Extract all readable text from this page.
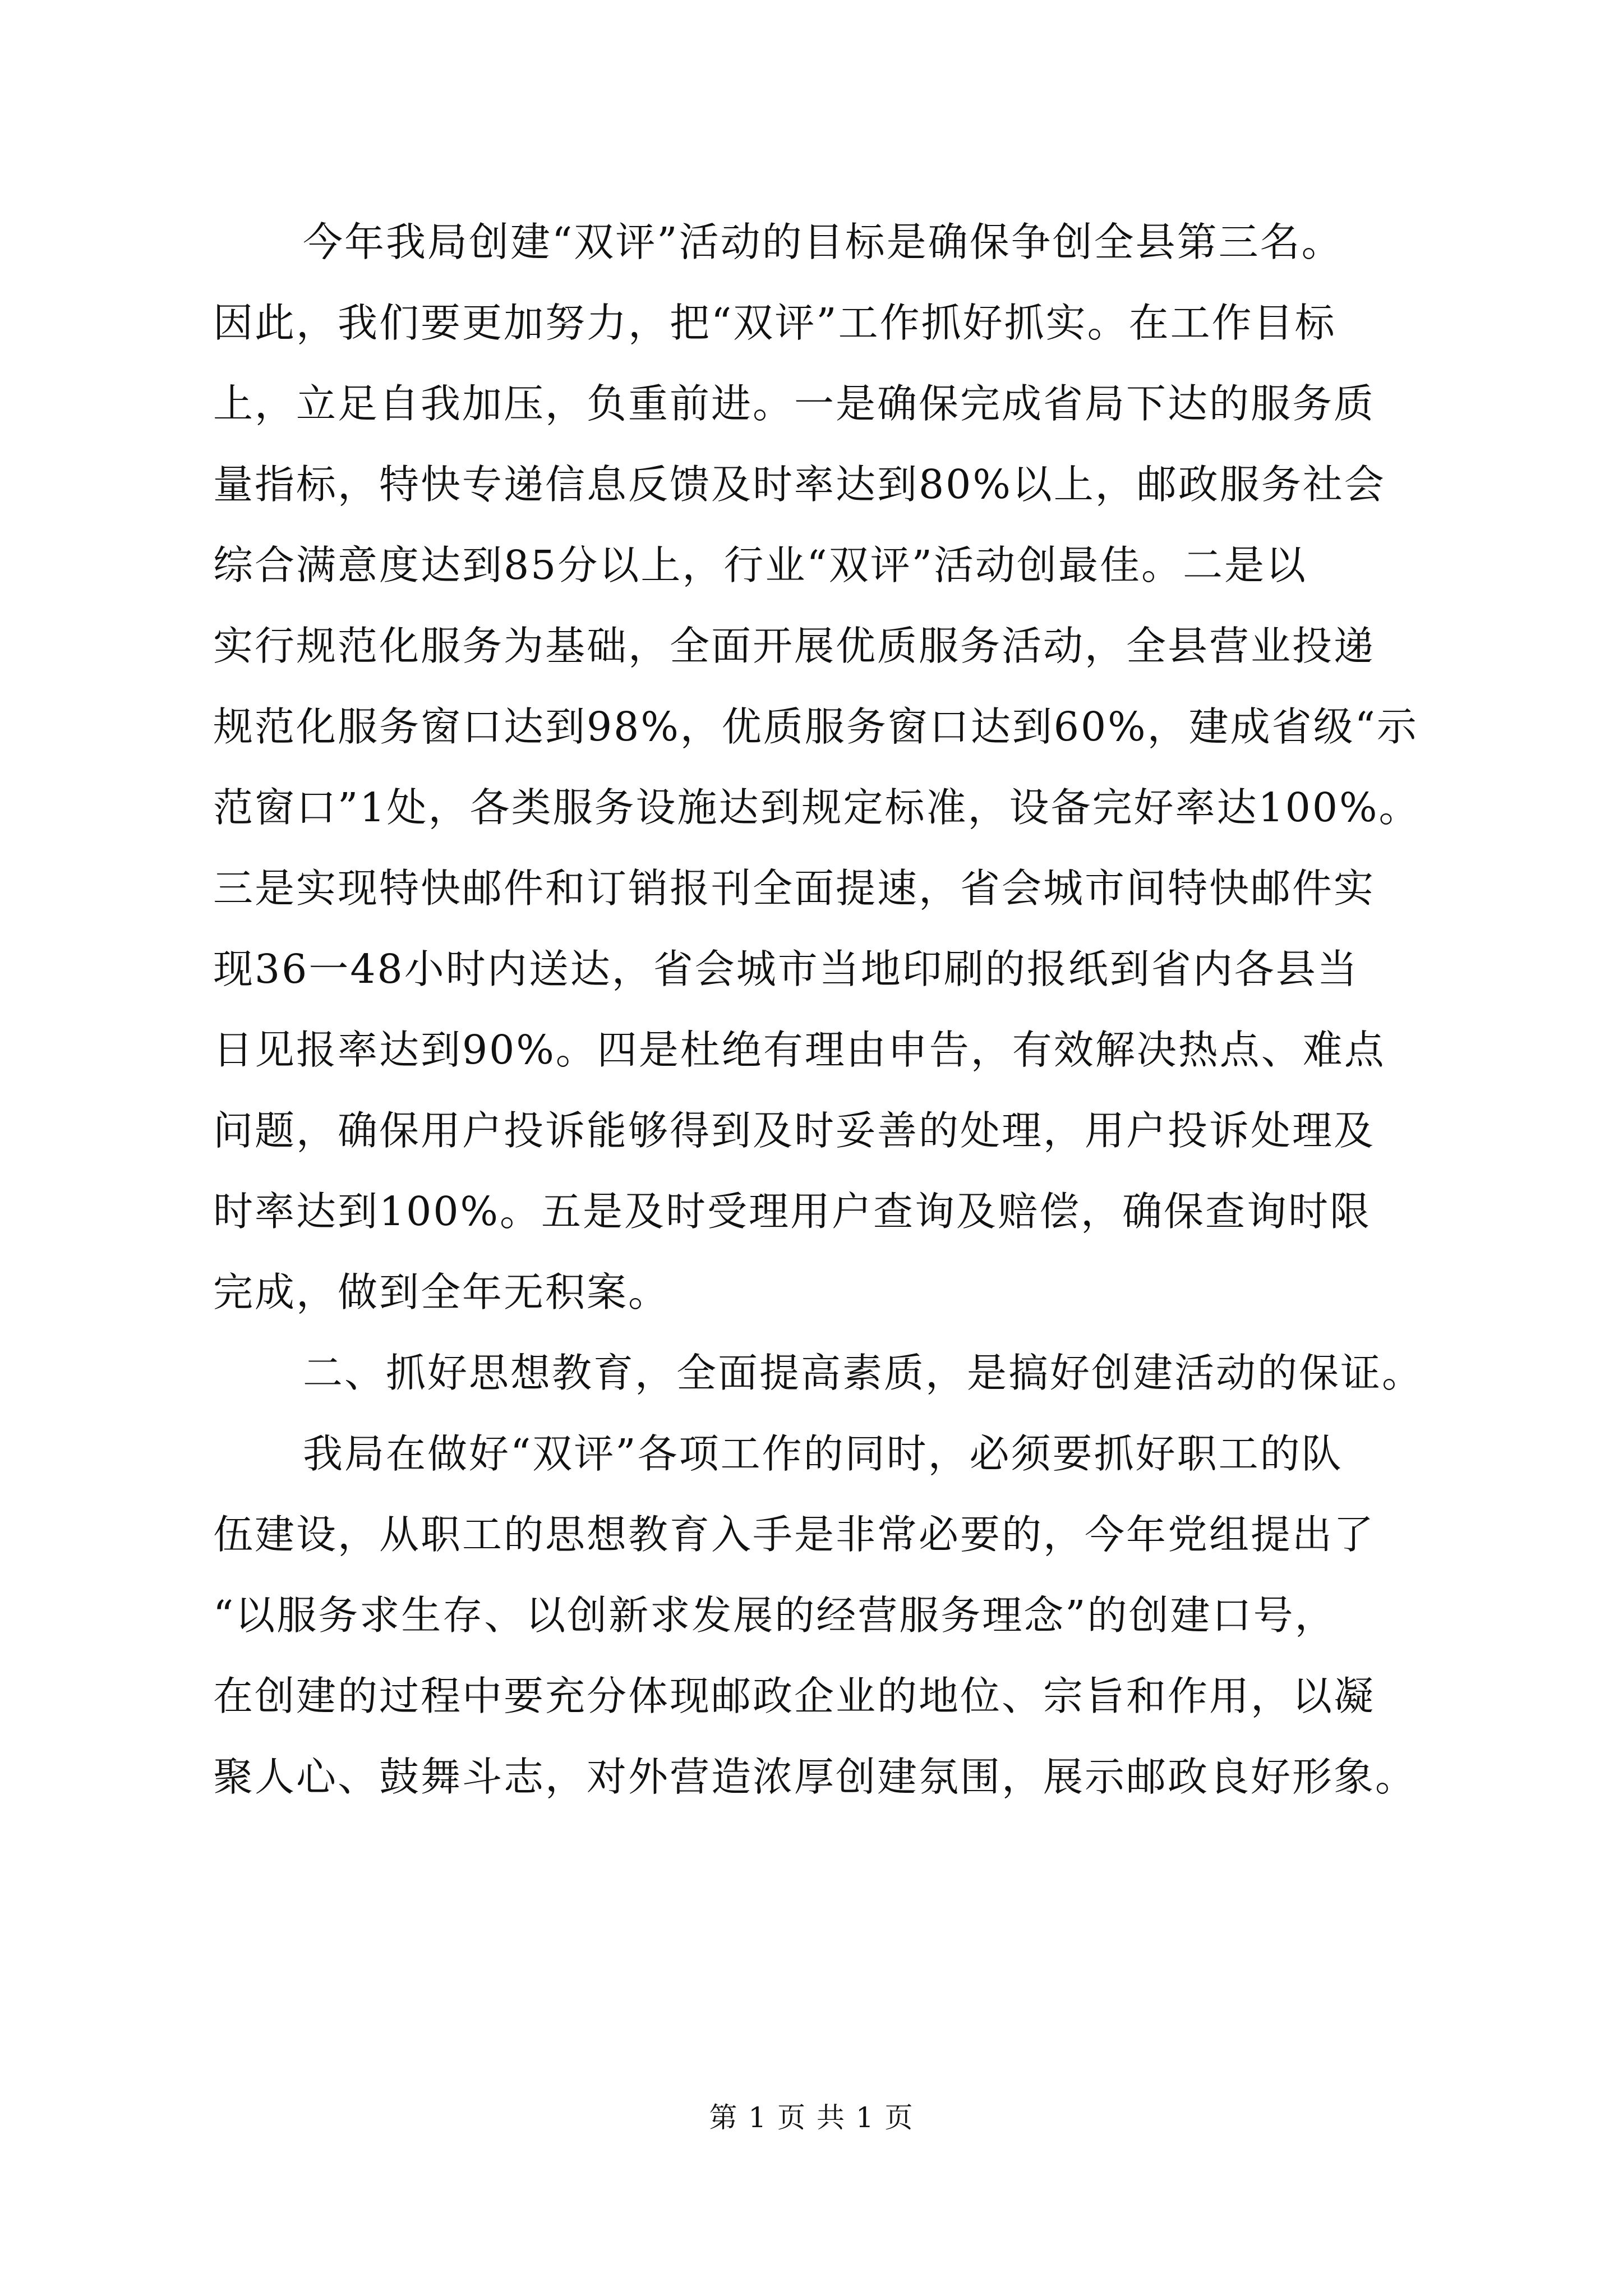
今年我局创建“双评”活动的目标是确保争创全县第三名。
因此，我们要更加努力，把“双评”工作抓好抓实。在工作目标
上，立足自我加压，负重前进。一是确保完成省局下达的服务质
量指标，特快专递信息反馈及时率达到80%以上，邮政服务社会
综合满意度达到85分以上，行业“双评”活动创最佳。二是以
实行规范化服务为基础，全面开展优质服务活动，全县营业投递
规范化服务窗口达到98%，优质服务窗口达到60%，建成省级“示
范窗口”1处，各类服务设施达到规定标准，设备完好率达100%。
三是实现特快邮件和订销报刊全面提速，省会城市间特快邮件实
现36一48小时内送达，省会城市当地印刷的报纸到省内各县当
日见报率达到90%。四是杜绝有理由申告，有效解决热点、难点
问题，确保用户投诉能够得到及时妥善的处理，用户投诉处理及
时率达到100%。五是及时受理用户查询及赔偿，确保查询时限
完成，做到全年无积案。
二、抓好思想教育，全面提高素质，是搞好创建活动的保证。
我局在做好“双评”各项工作的同时，必须要抓好职工的队
伍建设，从职工的思想教育入手是非常必要的，今年党组提出了
“以服务求生存、以创新求发展的经营服务理念”的创建口号，
在创建的过程中要充分体现邮政企业的地位、宗旨和作用，以凝
聚人心、鼓舞斗志，对外营造浓厚创建氛围，展示邮政良好形象。
第 1 页 共 1 页
